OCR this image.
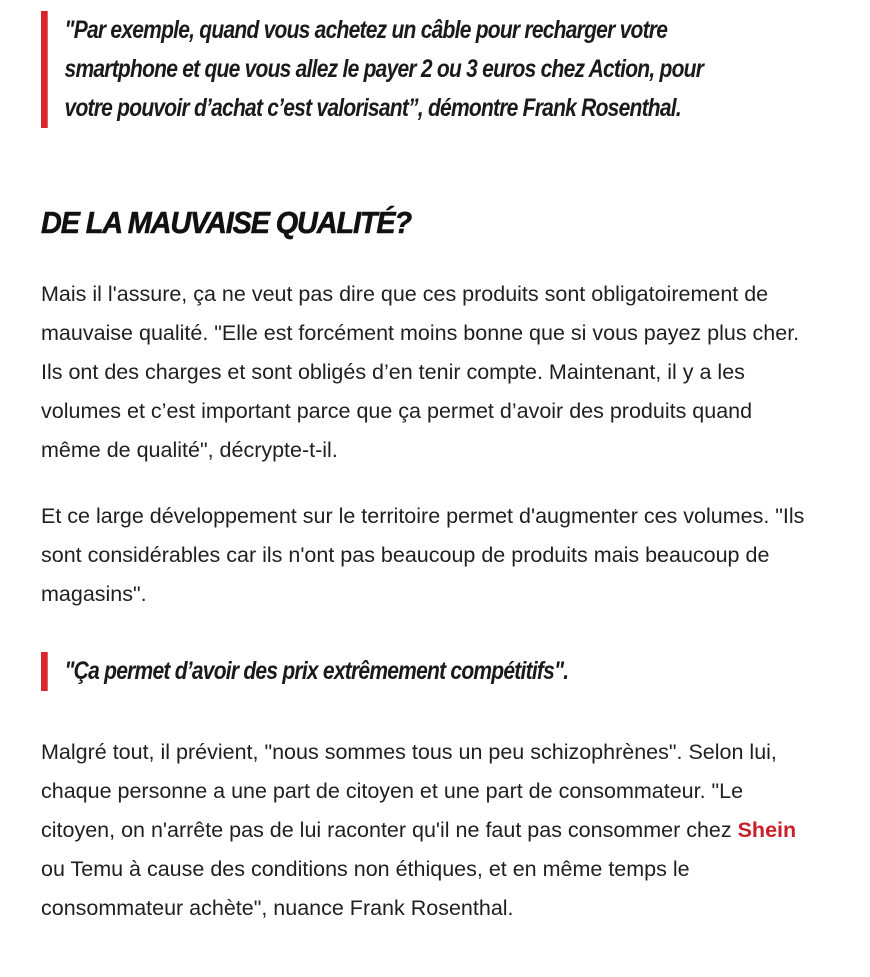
"Par exemple, quand vous achetez un câble pour recharger votre smartphone et que vous allez le payer 2 ou 3 euros chez Action, pour votre pouvoir d’achat c’est valorisant”, démontre Frank Rosenthal.
DE LA MAUVAISE QUALITÉ?

Mais il l'assure, ça ne veut pas dire que ces produits sont obligatoirement de mauvaise qualité. "Elle est forcément moins bonne que si vous payez plus cher. Ils ont des charges et sont obligés d’en tenir compte. Maintenant, il y a les volumes et c’est important parce que ça permet d’avoir des produits quand même de qualité", décrypte-t-il.

Et ce large développement sur le territoire permet d'augmenter ces volumes. "Ils sont considérables car ils n'ont pas beaucoup de produits mais beaucoup de magasins".

"Ça permet d’avoir des prix extrêmement compétitifs".

Malgré tout, il prévient, "nous sommes tous un peu schizophrènes". Selon lui, chaque personne a une part de citoyen et une part de consommateur. "Le citoyen, on n'arrête pas de lui raconter qu'il ne faut pas consommer chez Shein ou Temu à cause des conditions non éthiques, et en même temps le consommateur achète", nuance Frank Rosenthal.
